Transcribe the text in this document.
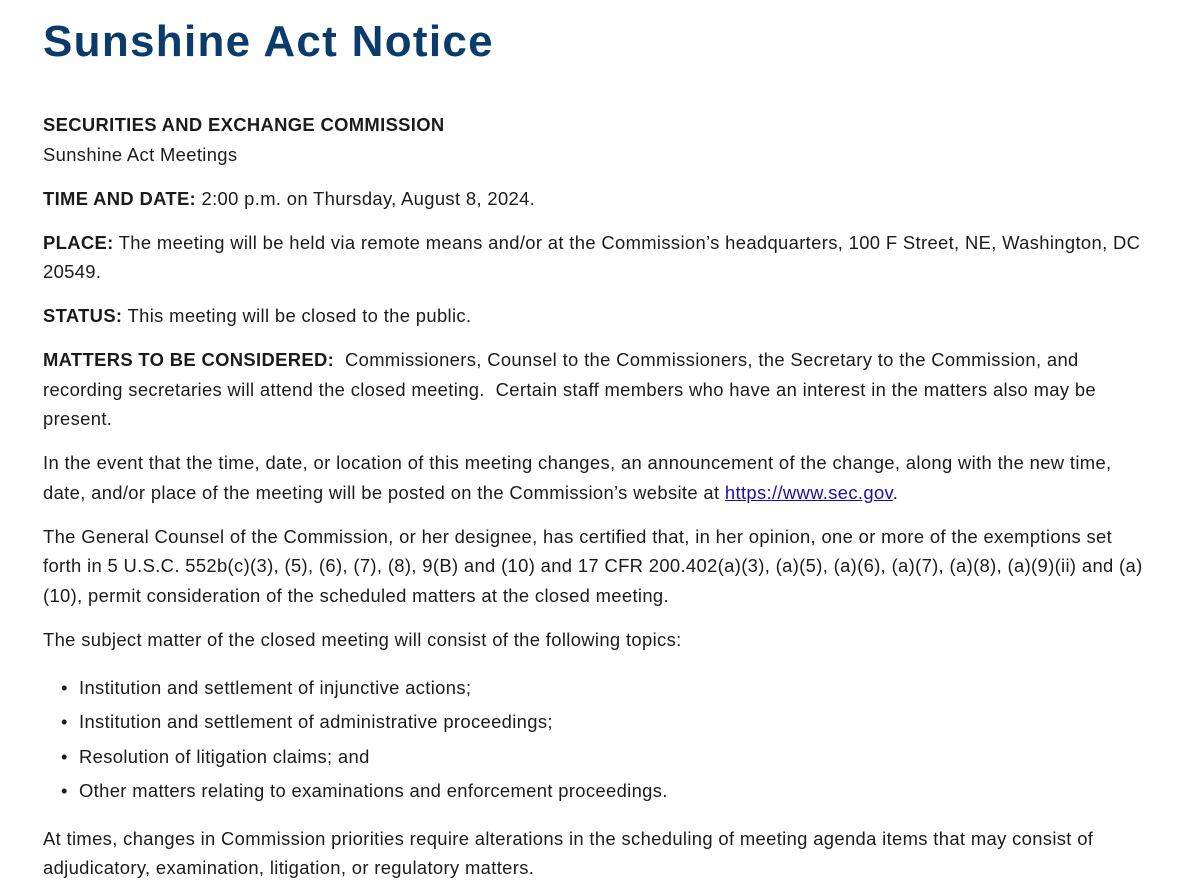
Sunshine Act Notice

SECURITIES AND EXCHANGE COMMISSION
Sunshine Act Meetings

TIME AND DATE: 2:00 p.m. on Thursday, August 8, 2024.

PLACE: The meeting will be held via remote means and/or at the Commission’s headquarters, 100 F Street, NE, Washington, DC 20549.

STATUS: This meeting will be closed to the public.

MATTERS TO BE CONSIDERED: Commissioners, Counsel to the Commissioners, the Secretary to the Commission, and recording secretaries will attend the closed meeting.  Certain staff members who have an interest in the matters also may be present.

In the event that the time, date, or location of this meeting changes, an announcement of the change, along with the new time, date, and/or place of the meeting will be posted on the Commission’s website at https://www.sec.gov.

The General Counsel of the Commission, or her designee, has certified that, in her opinion, one or more of the exemptions set forth in 5 U.S.C. 552b(c)(3), (5), (6), (7), (8), 9(B) and (10) and 17 CFR 200.402(a)(3), (a)(5), (a)(6), (a)(7), (a)(8), (a)(9)(ii) and (a)(10), permit consideration of the scheduled matters at the closed meeting.

The subject matter of the closed meeting will consist of the following topics:

• Institution and settlement of injunctive actions;
• Institution and settlement of administrative proceedings;
• Resolution of litigation claims; and
• Other matters relating to examinations and enforcement proceedings.

At times, changes in Commission priorities require alterations in the scheduling of meeting agenda items that may consist of adjudicatory, examination, litigation, or regulatory matters.
